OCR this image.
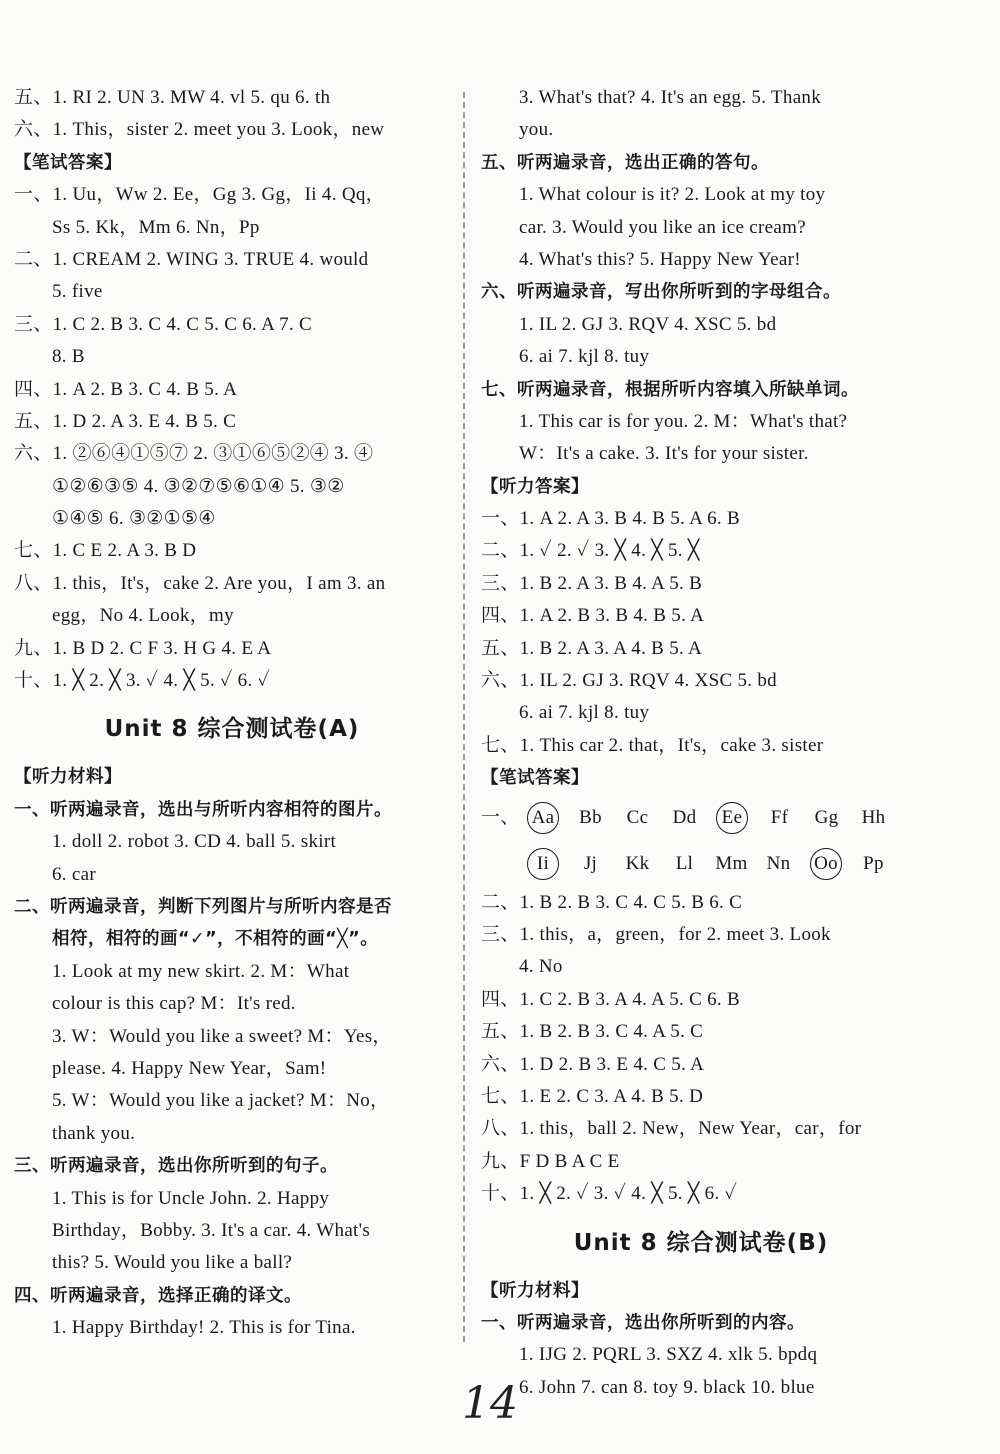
五、1. RI 2. UN 3. MW 4. vl 5. qu 6. th
六、1. This，sister 2. meet you 3. Look，new
【笔试答案】
一、1. Uu，Ww 2. Ee，Gg 3. Gg，Ii 4. Qq，
Ss 5. Kk，Mm 6. Nn，Pp
二、1. CREAM 2. WING 3. TRUE 4. would
5. five
三、1. C 2. B 3. C 4. C 5. C 6. A 7. C
8. B
四、1. A 2. B 3. C 4. B 5. A
五、1. D 2. A 3. E 4. B 5. C
六、1. ②⑥④①⑤⑦ 2. ③①⑥⑤②④ 3. ④
①②⑥③⑤ 4. ③②⑦⑤⑥①④ 5. ③②
①④⑤ 6. ③②①⑤④
七、1. C E 2. A 3. B D
八、1. this，It's，cake 2. Are you，I am 3. an
egg，No 4. Look，my
九、1. B D 2. C F 3. H G 4. E A
十、1. ╳ 2. ╳ 3. ✓ 4. ╳ 5. ✓ 6. ✓
Unit 8 综合测试卷(A)
【听力材料】
一、听两遍录音，选出与所听内容相符的图片。
1. doll 2. robot 3. CD 4. ball 5. skirt
6. car
二、听两遍录音，判断下列图片与所听内容是否
相符，相符的画“✓”，不相符的画“╳”。
1. Look at my new skirt. 2. M：What
colour is this cap? M：It's red.
3. W：Would you like a sweet? M：Yes，
please. 4. Happy New Year，Sam!
5. W：Would you like a jacket? M：No，
thank you.
三、听两遍录音，选出你所听到的句子。
1. This is for Uncle John. 2. Happy
Birthday，Bobby. 3. It's a car. 4. What's
this? 5. Would you like a ball?
四、听两遍录音，选择正确的译文。
1. Happy Birthday! 2. This is for Tina.
3. What's that? 4. It's an egg. 5. Thank
you.
五、听两遍录音，选出正确的答句。
1. What colour is it? 2. Look at my toy
car. 3. Would you like an ice cream?
4. What's this? 5. Happy New Year!
六、听两遍录音，写出你所听到的字母组合。
1. IL 2. GJ 3. RQV 4. XSC 5. bd
6. ai 7. kjl 8. tuy
七、听两遍录音，根据所听内容填入所缺单词。
1. This car is for you. 2. M：What's that?
W：It's a cake. 3. It's for your sister.
【听力答案】
一、1. A 2. A 3. B 4. B 5. A 6. B
二、1. ✓ 2. ✓ 3. ╳ 4. ╳ 5. ╳
三、1. B 2. A 3. B 4. A 5. B
四、1. A 2. B 3. B 4. B 5. A
五、1. B 2. A 3. A 4. B 5. A
六、1. IL 2. GJ 3. RQV 4. XSC 5. bd
6. ai 7. kjl 8. tuy
七、1. This car 2. that，It's，cake 3. sister
【笔试答案】
一、 Aa Bb Cc Dd Ee Ff Gg Hh
Ii Jj Kk Ll Mm Nn Oo Pp
二、1. B 2. B 3. C 4. C 5. B 6. C
三、1. this，a，green，for 2. meet 3. Look
4. No
四、1. C 2. B 3. A 4. A 5. C 6. B
五、1. B 2. B 3. C 4. A 5. C
六、1. D 2. B 3. E 4. C 5. A
七、1. E 2. C 3. A 4. B 5. D
八、1. this，ball 2. New，New Year，car，for
九、F D B A C E
十、1. ╳ 2. ✓ 3. ✓ 4. ╳ 5. ╳ 6. ✓
Unit 8 综合测试卷(B)
【听力材料】
一、听两遍录音，选出你所听到的内容。
1. IJG 2. PQRL 3. SXZ 4. xlk 5. bpdq
6. John 7. can 8. toy 9. black 10. blue
14
